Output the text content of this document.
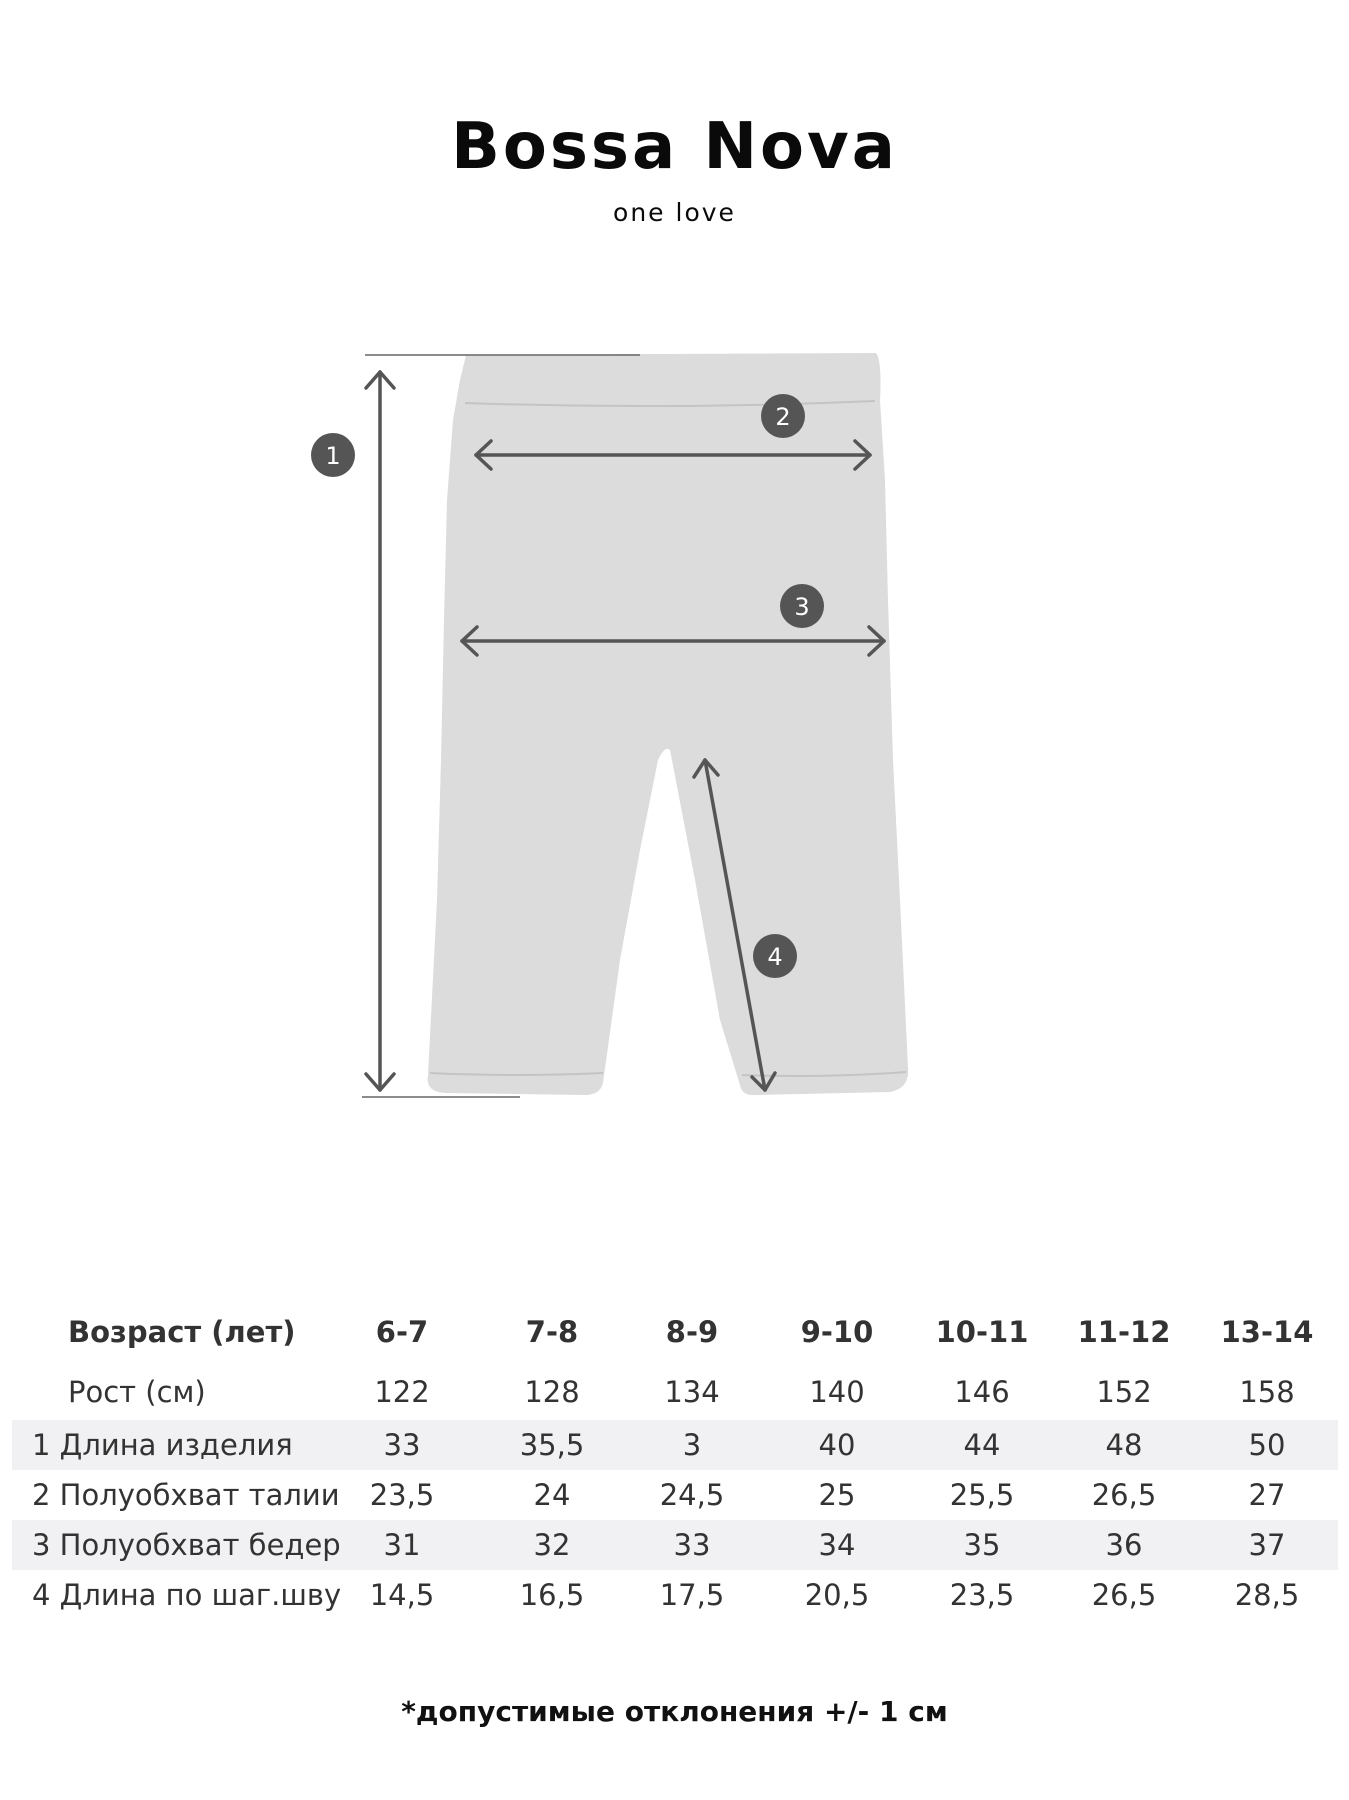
Bossa Nova
one love
1
2
3
4
Возраст (лет)	6-7	7-8	8-9	9-10	10-11	11-12	13-14
Рост (см)	122	128	134	140	146	152	158
1 Длина изделия	33	35,5	3	40	44	48	50
2 Полуобхват талии	23,5	24	24,5	25	25,5	26,5	27
3 Полуобхват бедер	31	32	33	34	35	36	37
4 Длина по шаг.шву 14,5	16,5	17,5	20,5	23,5	26,5	28,5
*допустимые отклонения +/- 1 см
